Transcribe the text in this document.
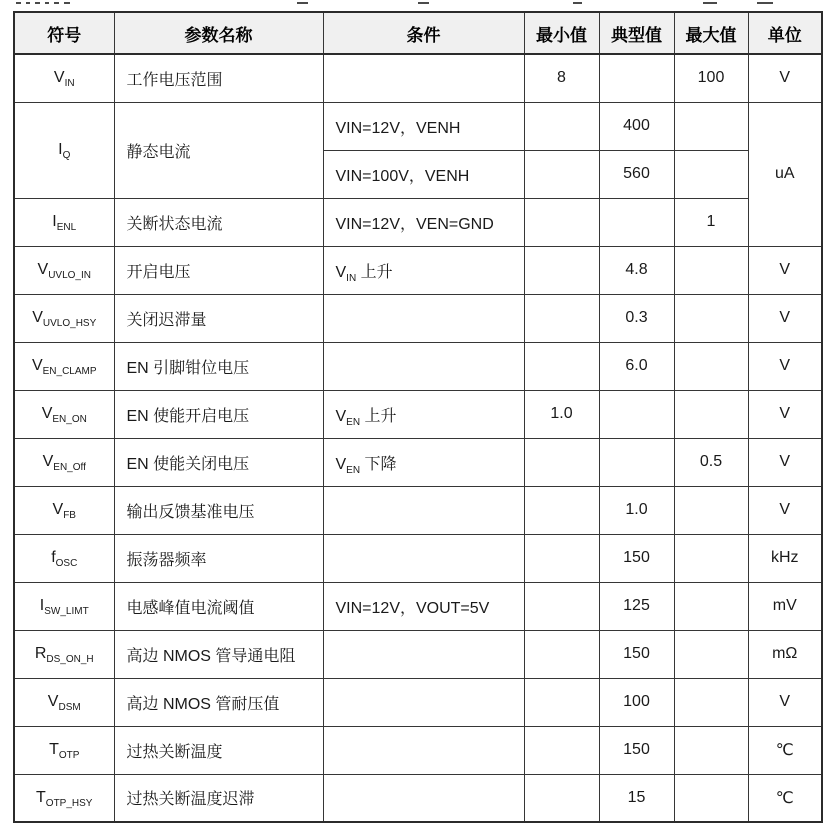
符号	参数名称	条件	最小值	典型值	最大值	单位
$V_{IN}$	工作电压范围		8		100	V
$I_Q$	静态电流	VIN=12V，VENH		400		uA
		VIN=100V，VENH		560		
$I_{ENL}$	关断状态电流	VIN=12V，VEN=GND			1	
$V_{UVLO\_IN}$	开启电压	$V_{IN}$ 上升		4.8		V
$V_{UVLO\_HSY}$	关闭迟滞量			0.3		V
$V_{EN\_CLAMP}$	EN 引脚钳位电压			6.0		V
$V_{EN\_ON}$	EN 使能开启电压	$V_{EN}$ 上升	1.0			V
$V_{EN\_Off}$	EN 使能关闭电压	$V_{EN}$ 下降			0.5	V
$V_{FB}$	输出反馈基准电压			1.0		V
$f_{OSC}$	振荡器频率			150		kHz
$I_{SW\_LIMT}$	电感峰值电流阈值	VIN=12V，VOUT=5V		125		mV
$R_{DS\_ON\_H}$	高边 NMOS 管导通电阻			150		mΩ
$V_{DSM}$	高边 NMOS 管耐压值			100		V
$T_{OTP}$	过热关断温度			150		℃
$T_{OTP\_HSY}$	过热关断温度迟滞			15		℃
